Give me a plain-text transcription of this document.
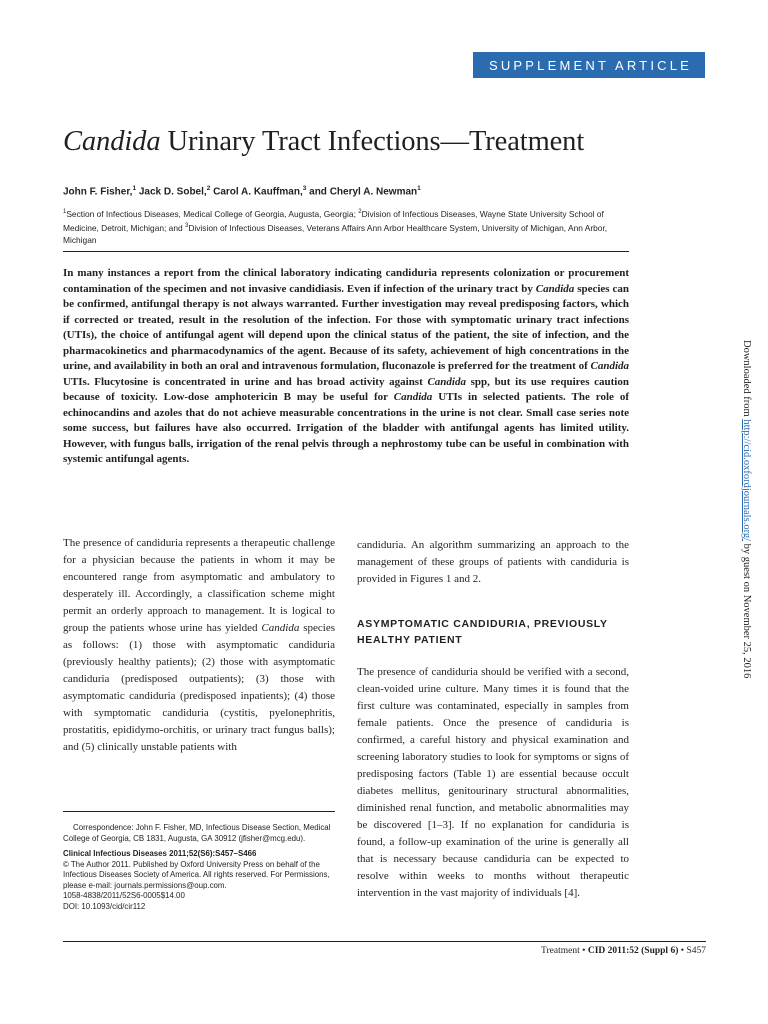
SUPPLEMENT ARTICLE
Candida Urinary Tract Infections—Treatment
John F. Fisher,$^1$ Jack D. Sobel,$^2$ Carol A. Kauffman,$^3$ and Cheryl A. Newman$^1$
$^1$Section of Infectious Diseases, Medical College of Georgia, Augusta, Georgia; $^2$Division of Infectious Diseases, Wayne State University School of Medicine, Detroit, Michigan; and $^3$Division of Infectious Diseases, Veterans Affairs Ann Arbor Healthcare System, University of Michigan, Ann Arbor, Michigan
In many instances a report from the clinical laboratory indicating candiduria represents colonization or procurement contamination of the specimen and not invasive candidiasis. Even if infection of the urinary tract by Candida species can be confirmed, antifungal therapy is not always warranted. Further investigation may reveal predisposing factors, which if corrected or treated, result in the resolution of the infection. For those with symptomatic urinary tract infections (UTIs), the choice of antifungal agent will depend upon the clinical status of the patient, the site of infection, and the pharmacokinetics and pharmacodynamics of the agent. Because of its safety, achievement of high concentrations in the urine, and availability in both an oral and intravenous formulation, fluconazole is preferred for the treatment of Candida UTIs. Flucytosine is concentrated in urine and has broad activity against Candida spp, but its use requires caution because of toxicity. Low-dose amphotericin B may be useful for Candida UTIs in selected patients. The role of echinocandins and azoles that do not achieve measurable concentrations in the urine is not clear. Small case series note some success, but failures have also occurred. Irrigation of the bladder with antifungal agents has limited utility. However, with fungus balls, irrigation of the renal pelvis through a nephrostomy tube can be useful in combination with systemic antifungal agents.
The presence of candiduria represents a therapeutic challenge for a physician because the patients in whom it may be encountered range from asymptomatic and ambulatory to desperately ill. Accordingly, a classification scheme might permit an orderly approach to management. It is logical to group the patients whose urine has yielded Candida species as follows: (1) those with asymptomatic candiduria (previously healthy patients); (2) those with asymptomatic candiduria (predisposed outpatients); (3) those with asymptomatic candiduria (predisposed inpatients); (4) those with symptomatic candiduria (cystitis, pyelonephritis, prostatitis, epididymo-orchitis, or urinary tract fungus balls); and (5) clinically unstable patients with
candiduria. An algorithm summarizing an approach to the management of these groups of patients with candiduria is provided in Figures 1 and 2.
ASYMPTOMATIC CANDIDURIA, PREVIOUSLY HEALTHY PATIENT
The presence of candiduria should be verified with a second, clean-voided urine culture. Many times it is found that the first culture was contaminated, especially in samples from female patients. Once the presence of candiduria is confirmed, a careful history and physical examination and screening laboratory studies to look for symptoms or signs of predisposing factors (Table 1) are essential because occult diabetes mellitus, genitourinary structural abnormalities, diminished renal function, and metabolic abnormalities may be discovered [1–3]. If no explanation for candiduria is found, a follow-up examination of the urine is generally all that is necessary because candiduria can be expected to resolve within weeks to months without therapeutic intervention in the vast majority of individuals [4].

Correspondence: John F. Fisher, MD, Infectious Disease Section, Medical College of Georgia, CB 1831, Augusta, GA 30912 (jfisher@mcg.edu).

Clinical Infectious Diseases 2011;52(S6):S457–S466

© The Author 2011. Published by Oxford University Press on behalf of the Infectious Diseases Society of America. All rights reserved. For Permissions, please e-mail: journals.permissions@oup.com.

1058-4838/2011/52S6-0005$14.00

DOI: 10.1093/cid/cir112

Treatment • CID 2011:52 (Suppl 6) • S457
Downloaded from http://cid.oxfordjournals.org/ by guest on November 25, 2016
